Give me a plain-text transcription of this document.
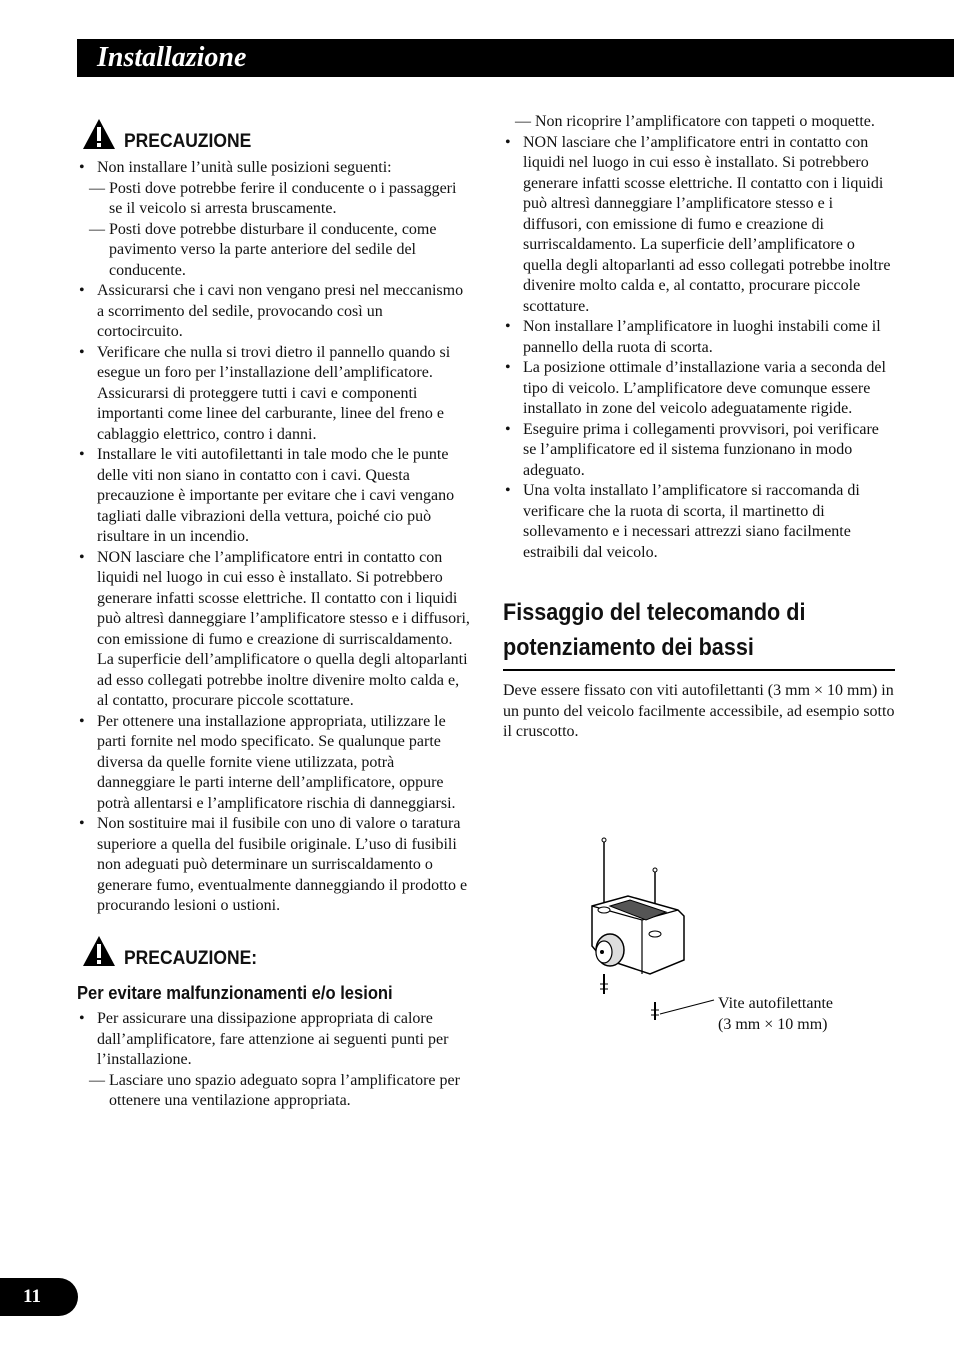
Installazione
PRECAUZIONE
• Non installare l’unità sulle posizioni seguenti:
— Posti dove potrebbe ferire il conducente o i passaggeri se il veicolo si arresta bruscamente.
— Posti dove potrebbe disturbare il conducente, come pavimento verso la parte anteriore del sedile del conducente.
• Assicurarsi che i cavi non vengano presi nel meccanismo a scorrimento del sedile, provocando così un cortocircuito.
• Verificare che nulla si trovi dietro il pannello quando si esegue un foro per l’installazione dell’amplificatore. Assicurarsi di proteggere tutti i cavi e componenti importanti come linee del carburante, linee del freno e cablaggio elettrico, contro i danni.
• Installare le viti autofilettanti in tale modo che le punte delle viti non siano in contatto con i cavi. Questa precauzione è importante per evitare che i cavi vengano tagliati dalle vibrazioni della vettura, poiché cio può risultare in un incendio.
• NON lasciare che l’amplificatore entri in contatto con liquidi nel luogo in cui esso è installato. Si potrebbero generare infatti scosse elettriche. Il contatto con i liquidi può altresì danneggiare l’amplificatore stesso e i diffusori, con emissione di fumo e creazione di surriscaldamento. La superficie dell’amplificatore o quella degli altoparlanti ad esso collegati potrebbe inoltre divenire molto calda e, al contatto, procurare piccole scottature.
• Per ottenere una installazione appropriata, utilizzare le parti fornite nel modo specificato. Se qualunque parte diversa da quelle fornite viene utilizzata, potrà danneggiare le parti interne dell’amplificatore, oppure potrà allentarsi e l’amplificatore rischia di danneggiarsi.
• Non sostituire mai il fusibile con uno di valore o taratura superiore a quella del fusibile originale. L’uso di fusibili non adeguati può determinare un surriscaldamento o generare fumo, eventualmente danneggiando il prodotto e procurando lesioni o ustioni.
PRECAUZIONE:
Per evitare malfunzionamenti e/o lesioni
• Per assicurare una dissipazione appropriata di calore dall’amplificatore, fare attenzione ai seguenti punti per l’installazione.
— Lasciare uno spazio adeguato sopra l’amplificatore per ottenere una ventilazione appropriata.
— Non ricoprire l’amplificatore con tappeti o moquette.
• NON lasciare che l’amplificatore entri in contatto con liquidi nel luogo in cui esso è installato. Si potrebbero generare infatti scosse elettriche. Il contatto con i liquidi può altresì danneggiare l’amplificatore stesso e i diffusori, con emissione di fumo e creazione di surriscaldamento. La superficie dell’amplificatore o quella degli altoparlanti ad esso collegati potrebbe inoltre divenire molto calda e, al contatto, procurare piccole scottature.
• Non installare l’amplificatore in luoghi instabili come il pannello della ruota di scorta.
• La posizione ottimale d’installazione varia a seconda del tipo di veicolo. L’amplificatore deve comunque essere installato in zone del veicolo adeguatamente rigide.
• Eseguire prima i collegamenti provvisori, poi verificare se l’amplificatore ed il sistema funzionano in modo adeguato.
• Una volta installato l’amplificatore si raccomanda di verificare che la ruota di scorta, il martinetto di sollevamento e i necessari attrezzi siano facilmente estraibili dal veicolo.
Fissaggio del telecomando di
potenziamento dei bassi
Deve essere fissato con viti autofilettanti (3 mm × 10 mm) in un punto del veicolo facilmente accessibile, ad esempio sotto il cruscotto.
Vite autofilettante
(3 mm × 10 mm)
11
